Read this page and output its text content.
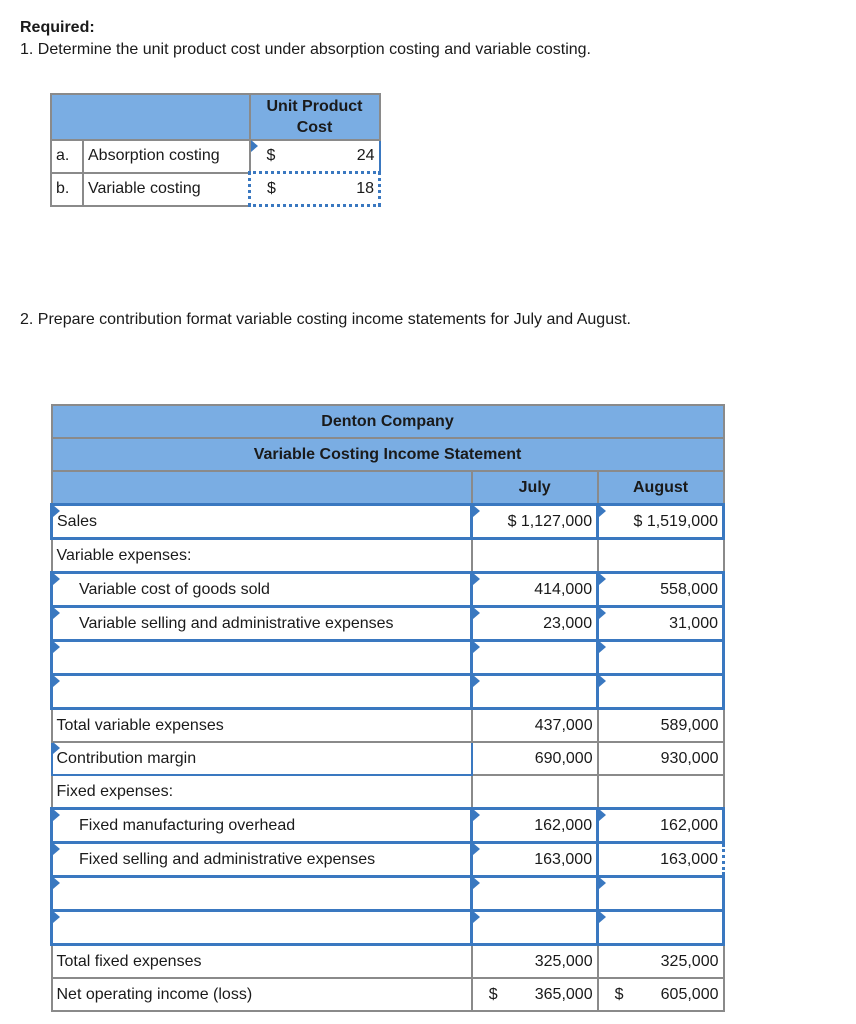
Required:
1. Determine the unit product cost under absorption costing and variable costing.
		Unit Product Cost
a.	Absorption costing	$ 24

b.	Variable costing	$ 18
2. Prepare contribution format variable costing income statements for July and August.
Denton Company		
Variable Costing Income Statement		
	July	August

Sales	$ 1,127,000	$ 1,519,000
Variable expenses:		

Variable cost of goods sold	414,000	558,000

Variable selling and administrative expenses	23,000	31,000

Total variable expenses	437,000	589,000

Contribution margin	690,000	930,000
Fixed expenses:		

Fixed manufacturing overhead	162,000	162,000

Fixed selling and administrative expenses	163,000	163,000

Total fixed expenses	325,000	325,000
Net operating income (loss)	$ 365,000	$ 605,000
